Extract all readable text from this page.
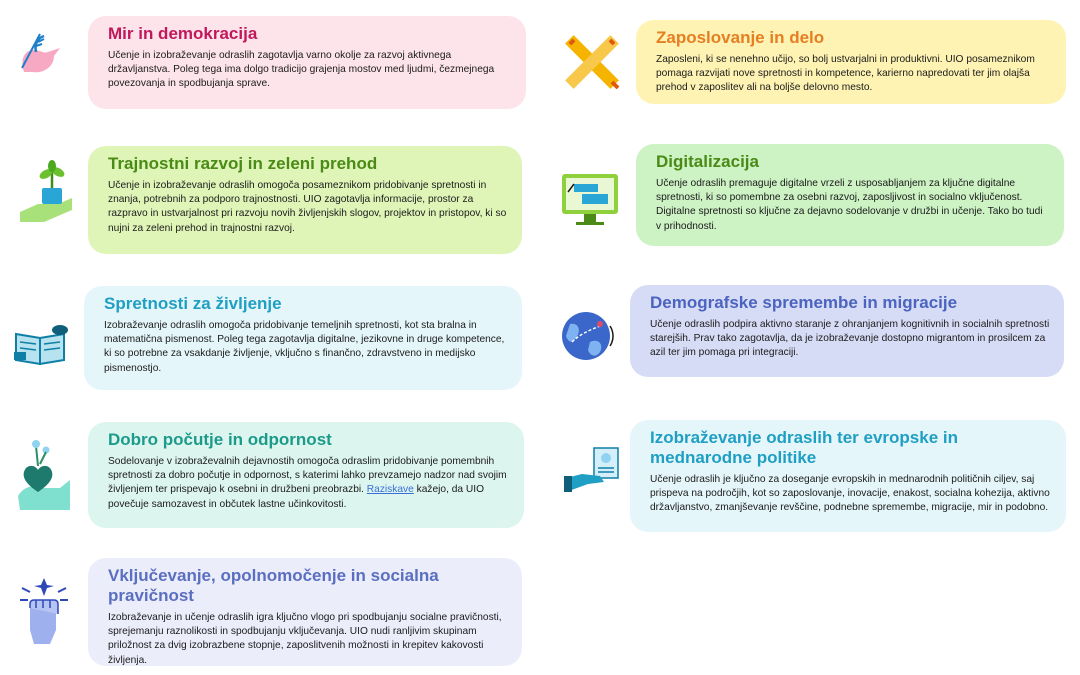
Mir in demokracija

Učenje in izobraževanje odraslih zagotavlja varno okolje za razvoj aktivnega državljanstva. Poleg tega ima dolgo tradicijo grajenja mostov med ljudmi, čezmejnega povezovanja in spodbujanja sprave.

Trajnostni razvoj in zeleni prehod

Učenje in izobraževanje odraslih omogoča posameznikom pridobivanje spretnosti in znanja, potrebnih za podporo trajnostnosti. UIO zagotavlja informacije, prostor za razpravo in ustvarjalnost pri razvoju novih življenjskih slogov, projektov in pristopov, ki so nujni za zeleni prehod in trajnostni razvoj.

Spretnosti za življenje

Izobraževanje odraslih omogoča pridobivanje temeljnih spretnosti, kot sta bralna in matematična pismenost. Poleg tega zagotavlja digitalne, jezikovne in druge kompetence, ki so potrebne za vsakdanje življenje, vključno s finančno, zdravstveno in medijsko pismenostjo.

Dobro počutje in odpornost

Sodelovanje v izobraževalnih dejavnostih omogoča odraslim pridobivanje pomembnih spretnosti za dobro počutje in odpornost, s katerimi lahko prevzamejo nadzor nad svojim življenjem ter prispevajo k osebni in družbeni preobrazbi. Raziskave kažejo, da UIO povečuje samozavest in občutek lastne učinkovitosti.

Vključevanje, opolnomočenje in socialna pravičnost

Izobraževanje in učenje odraslih igra ključno vlogo pri spodbujanju socialne pravičnosti, sprejemanju raznolikosti in spodbujanju vključevanja. UIO nudi ranljivim skupinam priložnost za dvig izobrazbene stopnje, zaposlitvenih možnosti in krepitev kakovosti življenja.

Zaposlovanje in delo

Zaposleni, ki se nenehno učijo, so bolj ustvarjalni in produktivni. UIO posameznikom pomaga razvijati nove spretnosti in kompetence, karierno napredovati ter jim olajša prehod v zaposlitev ali na boljše delovno mesto.

Digitalizacija

Učenje odraslih premaguje digitalne vrzeli z usposabljanjem za ključne digitalne spretnosti, ki so pomembne za osebni razvoj, zaposljivost in socialno vključenost. Digitalne spretnosti so ključne za dejavno sodelovanje v družbi in učenje. Tako bo tudi v prihodnosti.

Demografske spremembe in migracije

Učenje odraslih podpira aktivno staranje z ohranjanjem kognitivnih in socialnih spretnosti starejših. Prav tako zagotavlja, da je izobraževanje dostopno migrantom in prosilcem za azil ter jim pomaga pri integraciji.

Izobraževanje odraslih ter evropske in mednarodne politike

Učenje odraslih je ključno za doseganje evropskih in mednarodnih političnih ciljev, saj prispeva na področjih, kot so zaposlovanje, inovacije, enakost, socialna kohezija, aktivno državljanstvo, zmanjševanje revščine, podnebne spremembe, migracije, mir in podobno.
